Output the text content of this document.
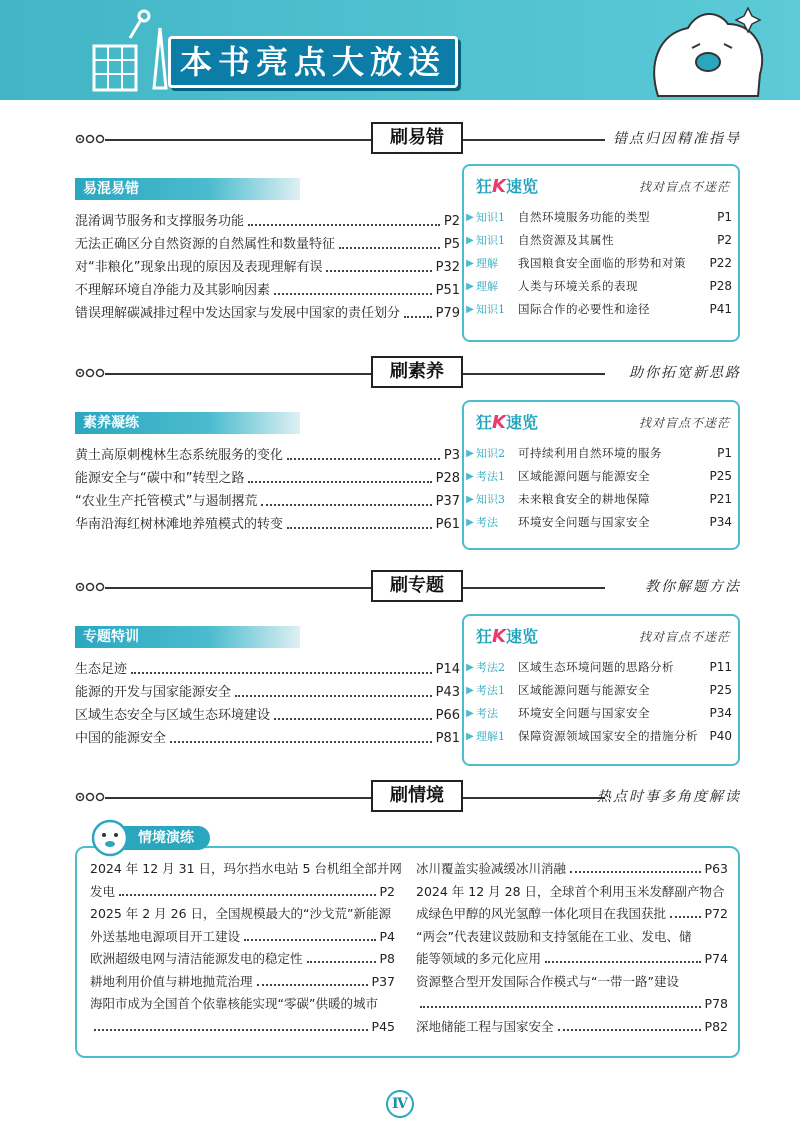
本书亮点大放送
刷易错	错点归因精准指导
易混易错
混淆调节服务和支撑服务功能	P2
无法正确区分自然资源的自然属性和数量特征	P5
对“非粮化”现象出现的原因及表现理解有误	P32
不理解环境自净能力及其影响因素	P51
错误理解碳减排过程中发达国家与发展中国家的责任划分	P79
狂K速览	找对盲点不迷茫
▶ 知识1	自然环境服务功能的类型	P1
▶ 知识1	自然资源及其属性	P2
▶ 理解	我国粮食安全面临的形势和对策	P22
▶ 理解	人类与环境关系的表现	P28
▶ 知识1	国际合作的必要性和途径	P41
刷素养	助你拓宽新思路
素养凝练
黄土高原刺槐林生态系统服务的变化	P3
能源安全与“碳中和”转型之路	P28
“农业生产托管模式”与遏制撂荒	P37
华南沿海红树林滩地养殖模式的转变	P61
狂K速览	找对盲点不迷茫
▶ 知识2	可持续利用自然环境的服务	P1
▶ 考法1	区域能源问题与能源安全	P25
▶ 知识3	未来粮食安全的耕地保障	P21
▶ 考法	环境安全问题与国家安全	P34
刷专题	教你解题方法
专题特训
生态足迹	P14
能源的开发与国家能源安全	P43
区域生态安全与区域生态环境建设	P66
中国的能源安全	P81
狂K速览	找对盲点不迷茫
▶ 考法2	区域生态环境问题的思路分析	P11
▶ 考法1	区域能源问题与能源安全	P25
▶ 考法	环境安全问题与国家安全	P34
▶ 理解1	保障资源领域国家安全的措施分析 P40
刷情境	热点时事多角度解读
情境演练
2024 年 12 月 31 日，玛尔挡水电站 5 台机组全部并网
发电	P2
2025 年 2 月 26 日，全国规模最大的“沙戈荒”新能源
外送基地电源项目开工建设	P4
欧洲超级电网与清洁能源发电的稳定性	P8
耕地利用价值与耕地抛荒治理	P37
海阳市成为全国首个依靠核能实现“零碳”供暖的城市
P45
冰川覆盖实验减缓冰川消融	P63
2024 年 12 月 28 日，全球首个利用玉米发酵副产物合
成绿色甲醇的风光氢醇一体化项目在我国获批	P72
“两会”代表建议鼓励和支持氢能在工业、发电、储
能等领域的多元化应用	P74
资源整合型开发国际合作模式与“一带一路”建设
P78
深地储能工程与国家安全	P82
Ⅳ
